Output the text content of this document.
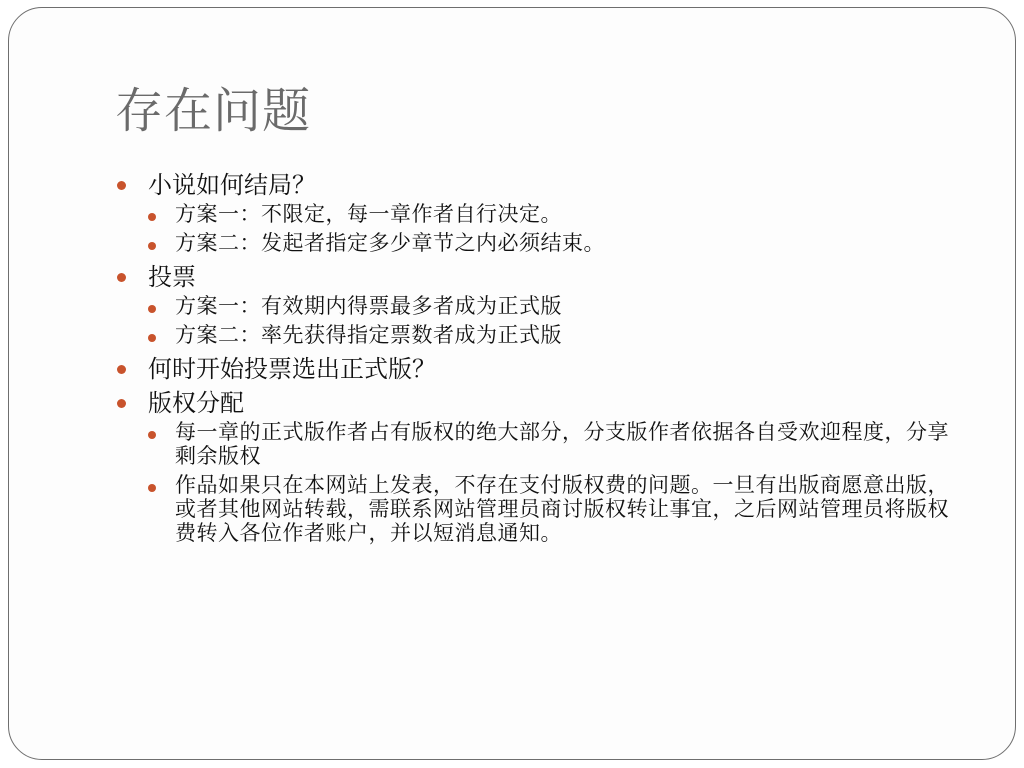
存在问题
小说如何结局？
方案一：不限定，每一章作者自行决定。
方案二：发起者指定多少章节之内必须结束。
投票
方案一：有效期内得票最多者成为正式版
方案二：率先获得指定票数者成为正式版
何时开始投票选出正式版？
版权分配
每一章的正式版作者占有版权的绝大部分，分支版作者依据各自受欢迎程度，分享剩余版权
作品如果只在本网站上发表，不存在支付版权费的问题。一旦有出版商愿意出版，或者其他网站转载，需联系网站管理员商讨版权转让事宜，之后网站管理员将版权费转入各位作者账户，并以短消息通知。
